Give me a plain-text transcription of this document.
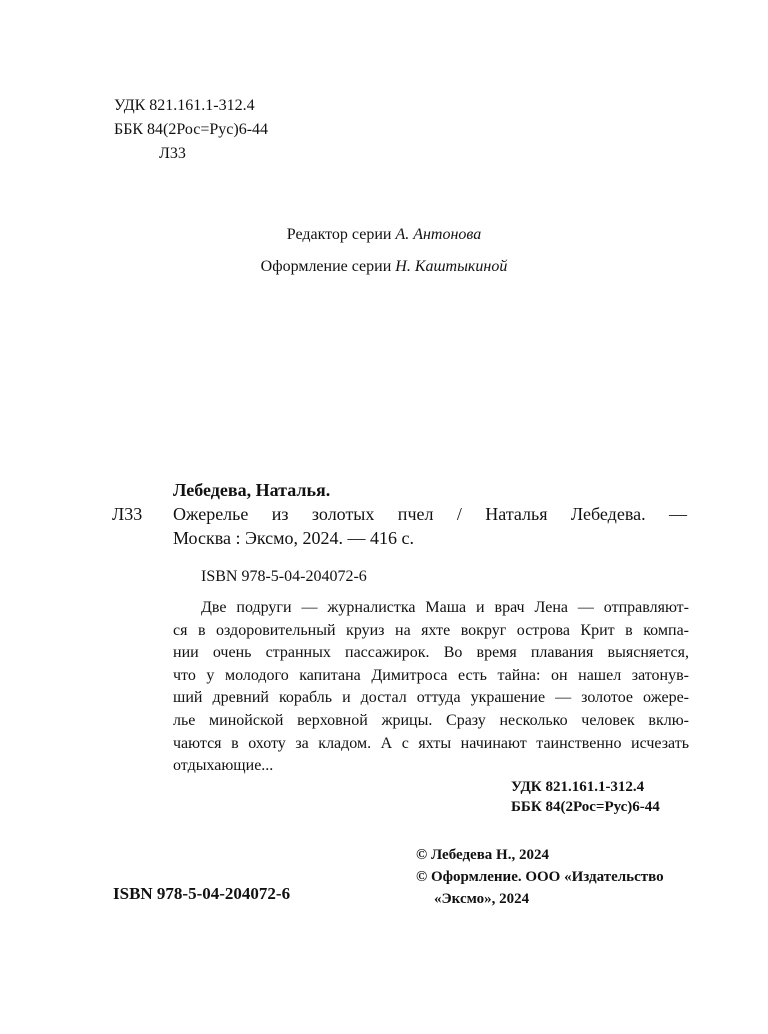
УДК 821.161.1-312.4
ББК 84(2Рос=Рус)6-44
Л33
Редактор серии А. Антонова
Оформление серии Н. Каштыкиной
Лебедева, Наталья.
Л33 Ожерелье из золотых пчел / Наталья Лебедева. —
Москва : Эксмо, 2024. — 416 с.
ISBN 978-5-04-204072-6
Две подруги — журналистка Маша и врач Лена — отправляют-
ся в оздоровительный круиз на яхте вокруг острова Крит в компа-
нии очень странных пассажирок. Во время плавания выясняется,
что у молодого капитана Димитроса есть тайна: он нашел затонув-
ший древний корабль и достал оттуда украшение — золотое ожере-
лье минойской верховной жрицы. Сразу несколько человек вклю-
чаются в охоту за кладом. А с яхты начинают таинственно исчезать
отдыхающие...
УДК 821.161.1-312.4
ББК 84(2Рос=Рус)6-44
© Лебедева Н., 2024
© Оформление. ООО «Издательство
«Эксмо», 2024
ISBN 978-5-04-204072-6
